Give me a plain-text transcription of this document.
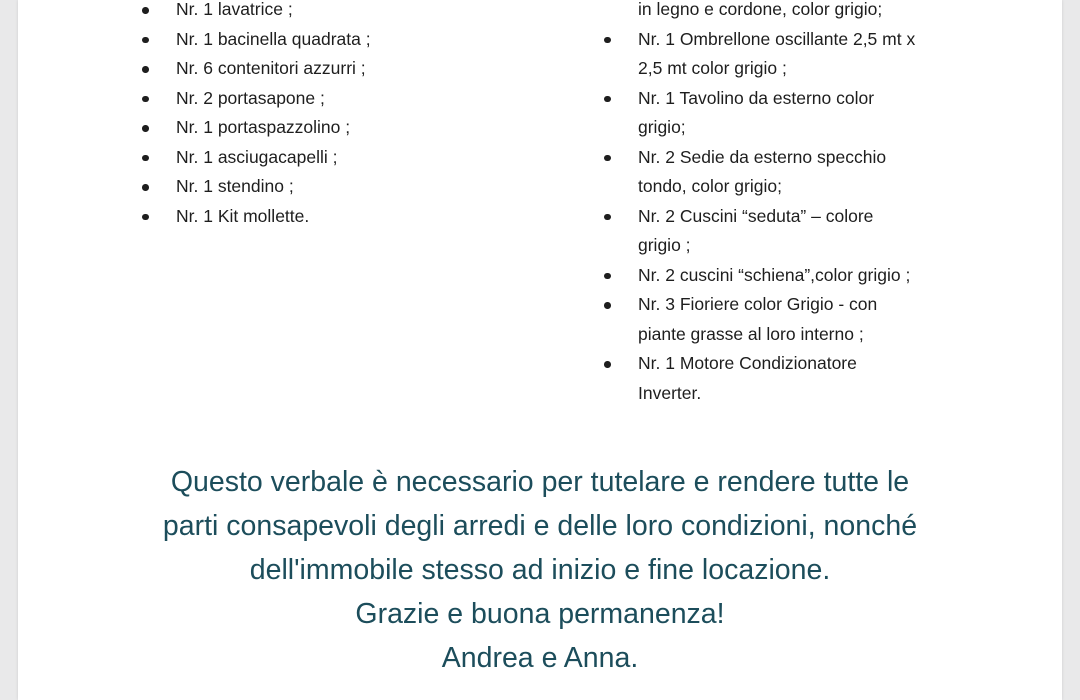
Nr. 1 lavatrice ;
Nr. 1 bacinella quadrata ;
Nr. 6 contenitori azzurri ;
Nr. 2 portasapone ;
Nr. 1 portaspazzolino ;
Nr. 1 asciugacapelli ;
Nr. 1 stendino ;
Nr. 1 Kit mollette.
in legno e cordone, color grigio;
Nr. 1 Ombrellone oscillante 2,5 mt x
2,5 mt color grigio ;
Nr. 1 Tavolino da esterno color
grigio;
Nr. 2 Sedie da esterno specchio
tondo, color grigio;
Nr. 2 Cuscini “seduta” – colore
grigio ;
Nr. 2 cuscini “schiena”,color grigio ;
Nr. 3 Fioriere color Grigio - con
piante grasse al loro interno ;
Nr. 1 Motore Condizionatore
Inverter.
Questo verbale è necessario per tutelare e rendere tutte le
parti consapevoli degli arredi e delle loro condizioni, nonché
dell'immobile stesso ad inizio e fine locazione.
Grazie e buona permanenza!
Andrea e Anna.
